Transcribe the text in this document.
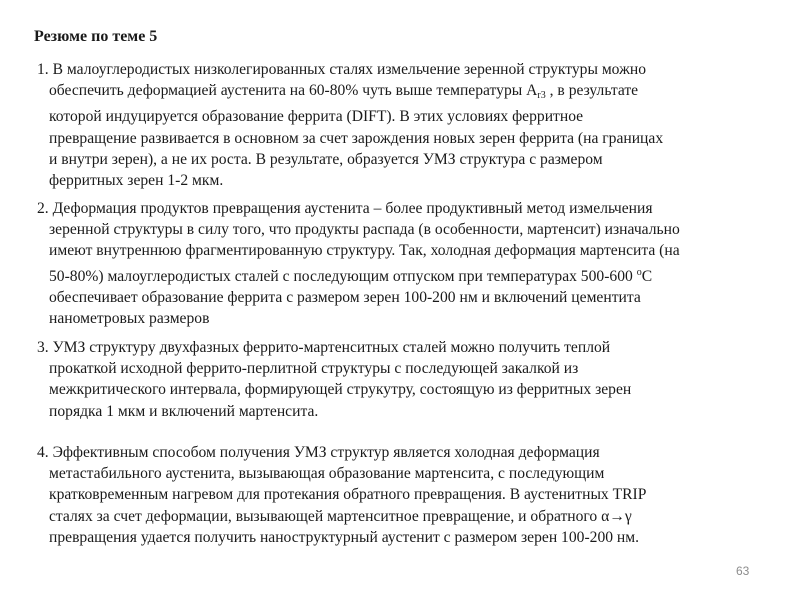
Резюме по теме 5

1. В малоуглеродистых низколегированных сталях измельчение зеренной структуры можно
обеспечить деформацией аустенита на 60-80% чуть выше температуры $А_{r3}$ , в результате
которой индуцируется образование феррита (DIFT). В этих условиях ферритное
превращение развивается в основном за счет зарождения новых зерен феррита (на границах
и внутри зерен), а не их роста. В результате, образуется УМЗ структура с размером
ферритных зерен 1-2 мкм.

2. Деформация продуктов превращения аустенита – более продуктивный метод измельчения
зеренной структуры в силу того, что продукты распада (в особенности, мартенсит) изначально
имеют внутреннюю фрагментированную структуру. Так, холодная деформация мартенсита (на
50-80%) малоуглеродистых сталей с последующим отпуском при температурах 500-600 $^о$С
обеспечивает образование феррита с размером зерен 100-200 нм и включений цементита
нанометровых размеров

3. УМЗ структуру двухфазных феррито-мартенситных сталей можно получить теплой
прокаткой исходной феррито-перлитной структуры с последующей закалкой из
межкритического интервала, формирующей струкутру, состоящую из ферритных зерен
порядка 1 мкм и включений мартенсита.

4. Эффективным способом получения УМЗ структур является холодная деформация
метастабильного аустенита, вызывающая образование мартенсита, с последующим
кратковременным нагревом для протекания обратного превращения. В аустенитных TRIP
сталях за счет деформации, вызывающей мартенситное превращение, и обратного α→γ
превращения удается получить наноструктурный аустенит с размером зерен 100-200 нм.

63
